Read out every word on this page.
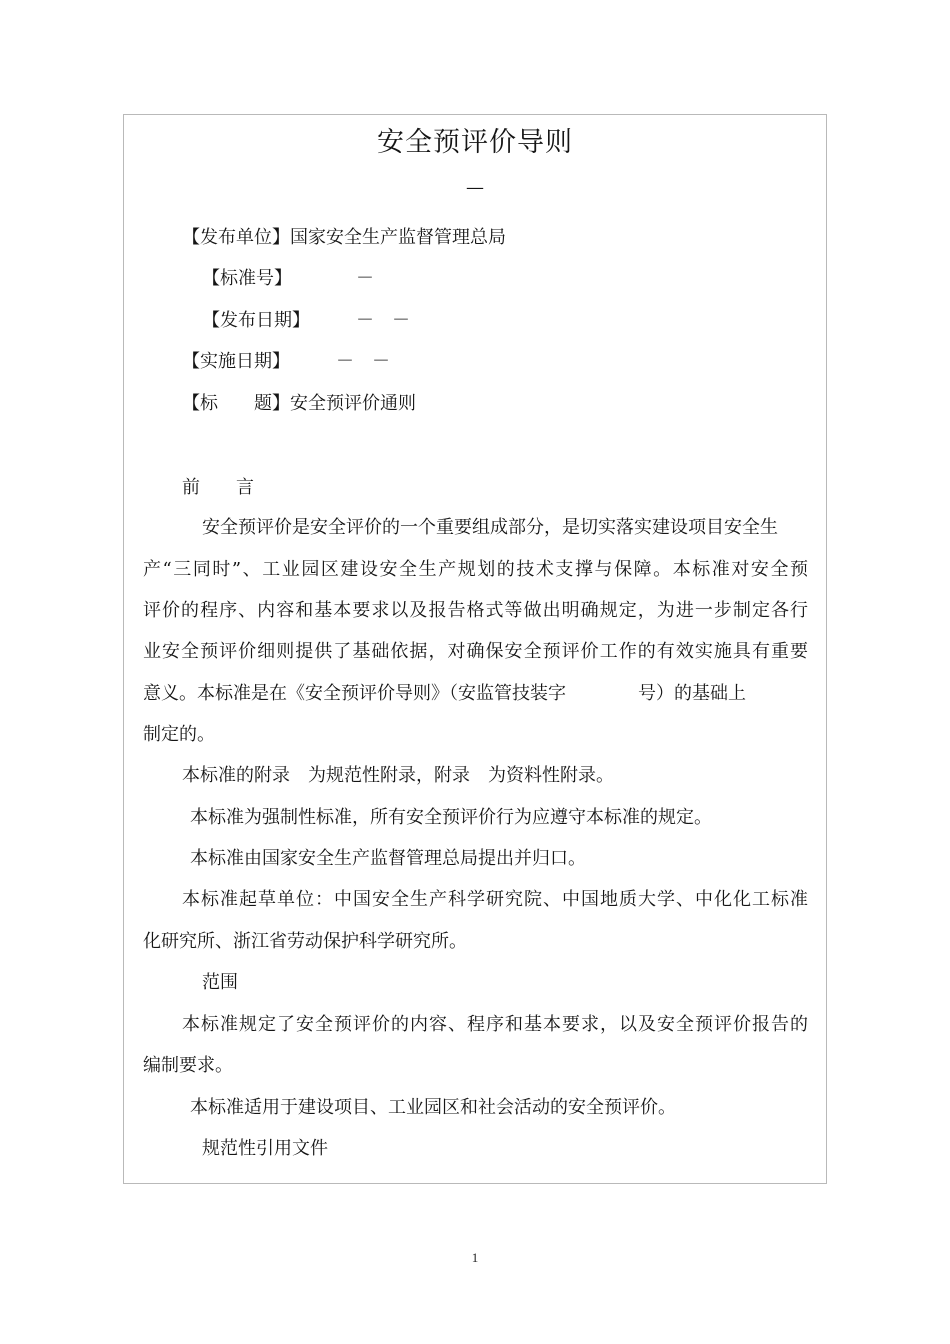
安全预评价导则
—
【发布单位】国家安全生产监督管理总局
【标准号】	－
【发布日期】	－　－
【实施日期】	－　－
【标　　题】安全预评价通则
前　　言
安全预评价是安全评价的一个重要组成部分，是切实落实建设项目安全生
产“三同时”、工业园区建设安全生产规划的技术支撑与保障。本标准对安全预
评价的程序、内容和基本要求以及报告格式等做出明确规定，为进一步制定各行
业安全预评价细则提供了基础依据，对确保安全预评价工作的有效实施具有重要
意义。本标准是在《安全预评价导则》（安监管技装字　　　　号）的基础上
制定的。
本标准的附录　为规范性附录，附录　为资料性附录。
本标准为强制性标准，所有安全预评价行为应遵守本标准的规定。
本标准由国家安全生产监督管理总局提出并归口。
本标准起草单位：中国安全生产科学研究院、中国地质大学、中化化工标准
化研究所、浙江省劳动保护科学研究所。
范围
本标准规定了安全预评价的内容、程序和基本要求，以及安全预评价报告的
编制要求。
本标准适用于建设项目、工业园区和社会活动的安全预评价。
规范性引用文件
1
